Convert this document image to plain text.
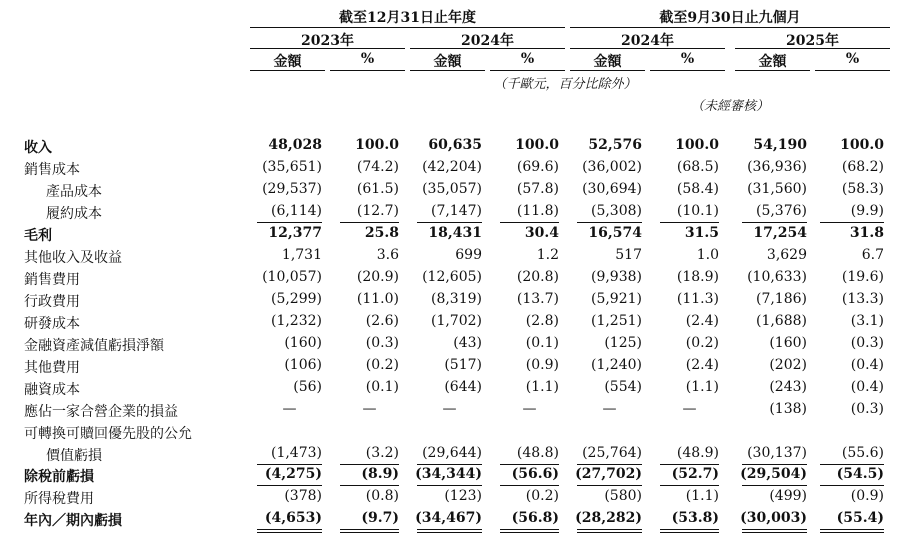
截至12月31日止年度	截至9月30日止九個月
2023年	2024年	2024年	2025年
金額	%	金額	%	金額	%	金額	%
（千歐元，百分比除外）
（未經審核）
收入	48,028	100.0	60,635	100.0	52,576	100.0	54,190	100.0
銷售成本	(35,651)	(74.2)	(42,204)	(69.6)	(36,002)	(68.5)	(36,936)	(68.2)
產品成本	(29,537)	(61.5)	(35,057)	(57.8)	(30,694)	(58.4)	(31,560)	(58.3)
履約成本	(6,114)	(12.7)	(7,147)	(11.8)	(5,308)	(10.1)	(5,376)	(9.9)
毛利	12,377	25.8	18,431	30.4	16,574	31.5	17,254	31.8
其他收入及收益	1,731	3.6	699	1.2	517	1.0	3,629	6.7
銷售費用	(10,057)	(20.9)	(12,605)	(20.8)	(9,938)	(18.9)	(10,633)	(19.6)
行政費用	(5,299)	(11.0)	(8,319)	(13.7)	(5,921)	(11.3)	(7,186)	(13.3)
研發成本	(1,232)	(2.6)	(1,702)	(2.8)	(1,251)	(2.4)	(1,688)	(3.1)
金融資產減值虧損淨額	(160)	(0.3)	(43)	(0.1)	(125)	(0.2)	(160)	(0.3)
其他費用	(106)	(0.2)	(517)	(0.9)	(1,240)	(2.4)	(202)	(0.4)
融資成本	(56)	(0.1)	(644)	(1.1)	(554)	(1.1)	(243)	(0.4)
應佔一家合營企業的損益	—	—	—	—	—	—	(138)	(0.3)
可轉換可贖回優先股的公允
價值虧損	(1,473)	(3.2)	(29,644)	(48.8)	(25,764)	(48.9)	(30,137)	(55.6)
除稅前虧損	(4,275)	(8.9)	(34,344)	(56.6)	(27,702)	(52.7)	(29,504)	(54.5)
所得稅費用	(378)	(0.8)	(123)	(0.2)	(580)	(1.1)	(499)	(0.9)
年內／期內虧損	(4,653)	(9.7)	(34,467)	(56.8)	(28,282)	(53.8)	(30,003)	(55.4)
